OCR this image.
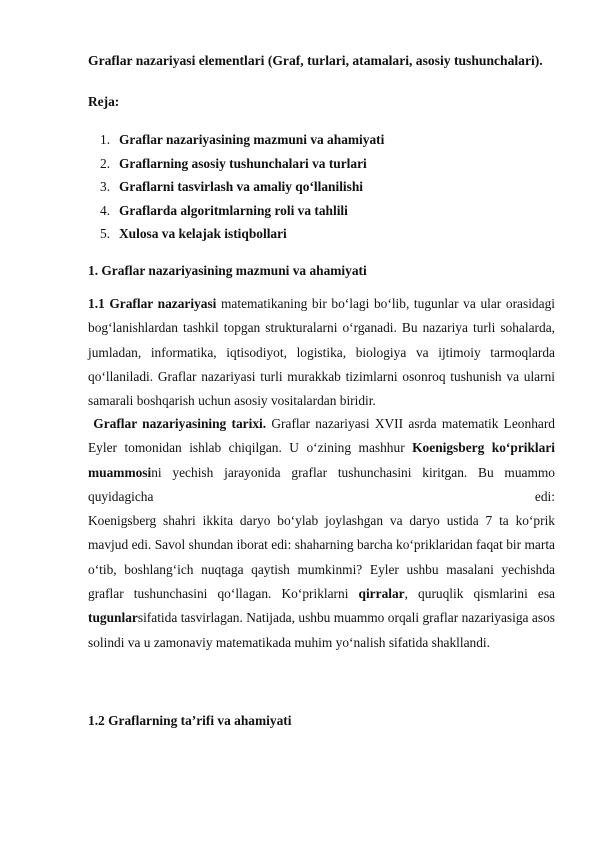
Graflar nazariyasi elementlari (Graf, turlari, atamalari, asosiy tushunchalari).
Reja:
1. Graflar nazariyasining mazmuni va ahamiyati
2. Graflarning asosiy tushunchalari va turlari
3. Graflarni tasvirlash va amaliy qo‘llanilishi
4. Graflarda algoritmlarning roli va tahlili
5. Xulosa va kelajak istiqbollari
1. Graflar nazariyasining mazmuni va ahamiyati

1.1 Graflar nazariyasi matematikaning bir bo‘lagi bo‘lib, tugunlar va ular orasidagi bog‘lanishlardan tashkil topgan strukturalarni o‘rganadi. Bu nazariya turli sohalarda, jumladan, informatika, iqtisodiyot, logistika, biologiya va ijtimoiy tarmoqlarda qo‘llaniladi. Graflar nazariyasi turli murakkab tizimlarni osonroq tushunish va ularni samarali boshqarish uchun asosiy vositalardan biridir.

Graflar nazariyasining tarixi. Graflar nazariyasi XVII asrda matematik Leonhard Eyler tomonidan ishlab chiqilgan. U o‘zining mashhur Koenigsberg ko‘priklari muammosini yechish jarayonida graflar tushunchasini kiritgan. Bu muammo quyidagicha	edi:
Koenigsberg shahri ikkita daryo bo‘ylab joylashgan va daryo ustida 7 ta ko‘prik mavjud edi. Savol shundan iborat edi: shaharning barcha ko‘priklaridan faqat bir marta o‘tib, boshlang‘ich nuqtaga qaytish mumkinmi? Eyler ushbu masalani yechishda graflar tushunchasini qo‘llagan. Ko‘priklarni qirralar, quruqlik qismlarini esa tugunlarsifatida tasvirlagan. Natijada, ushbu muammo orqali graflar nazariyasiga asos solindi va u zamonaviy matematikada muhim yo‘nalish sifatida shakllandi.

1.2 Graflarning ta’rifi va ahamiyati
